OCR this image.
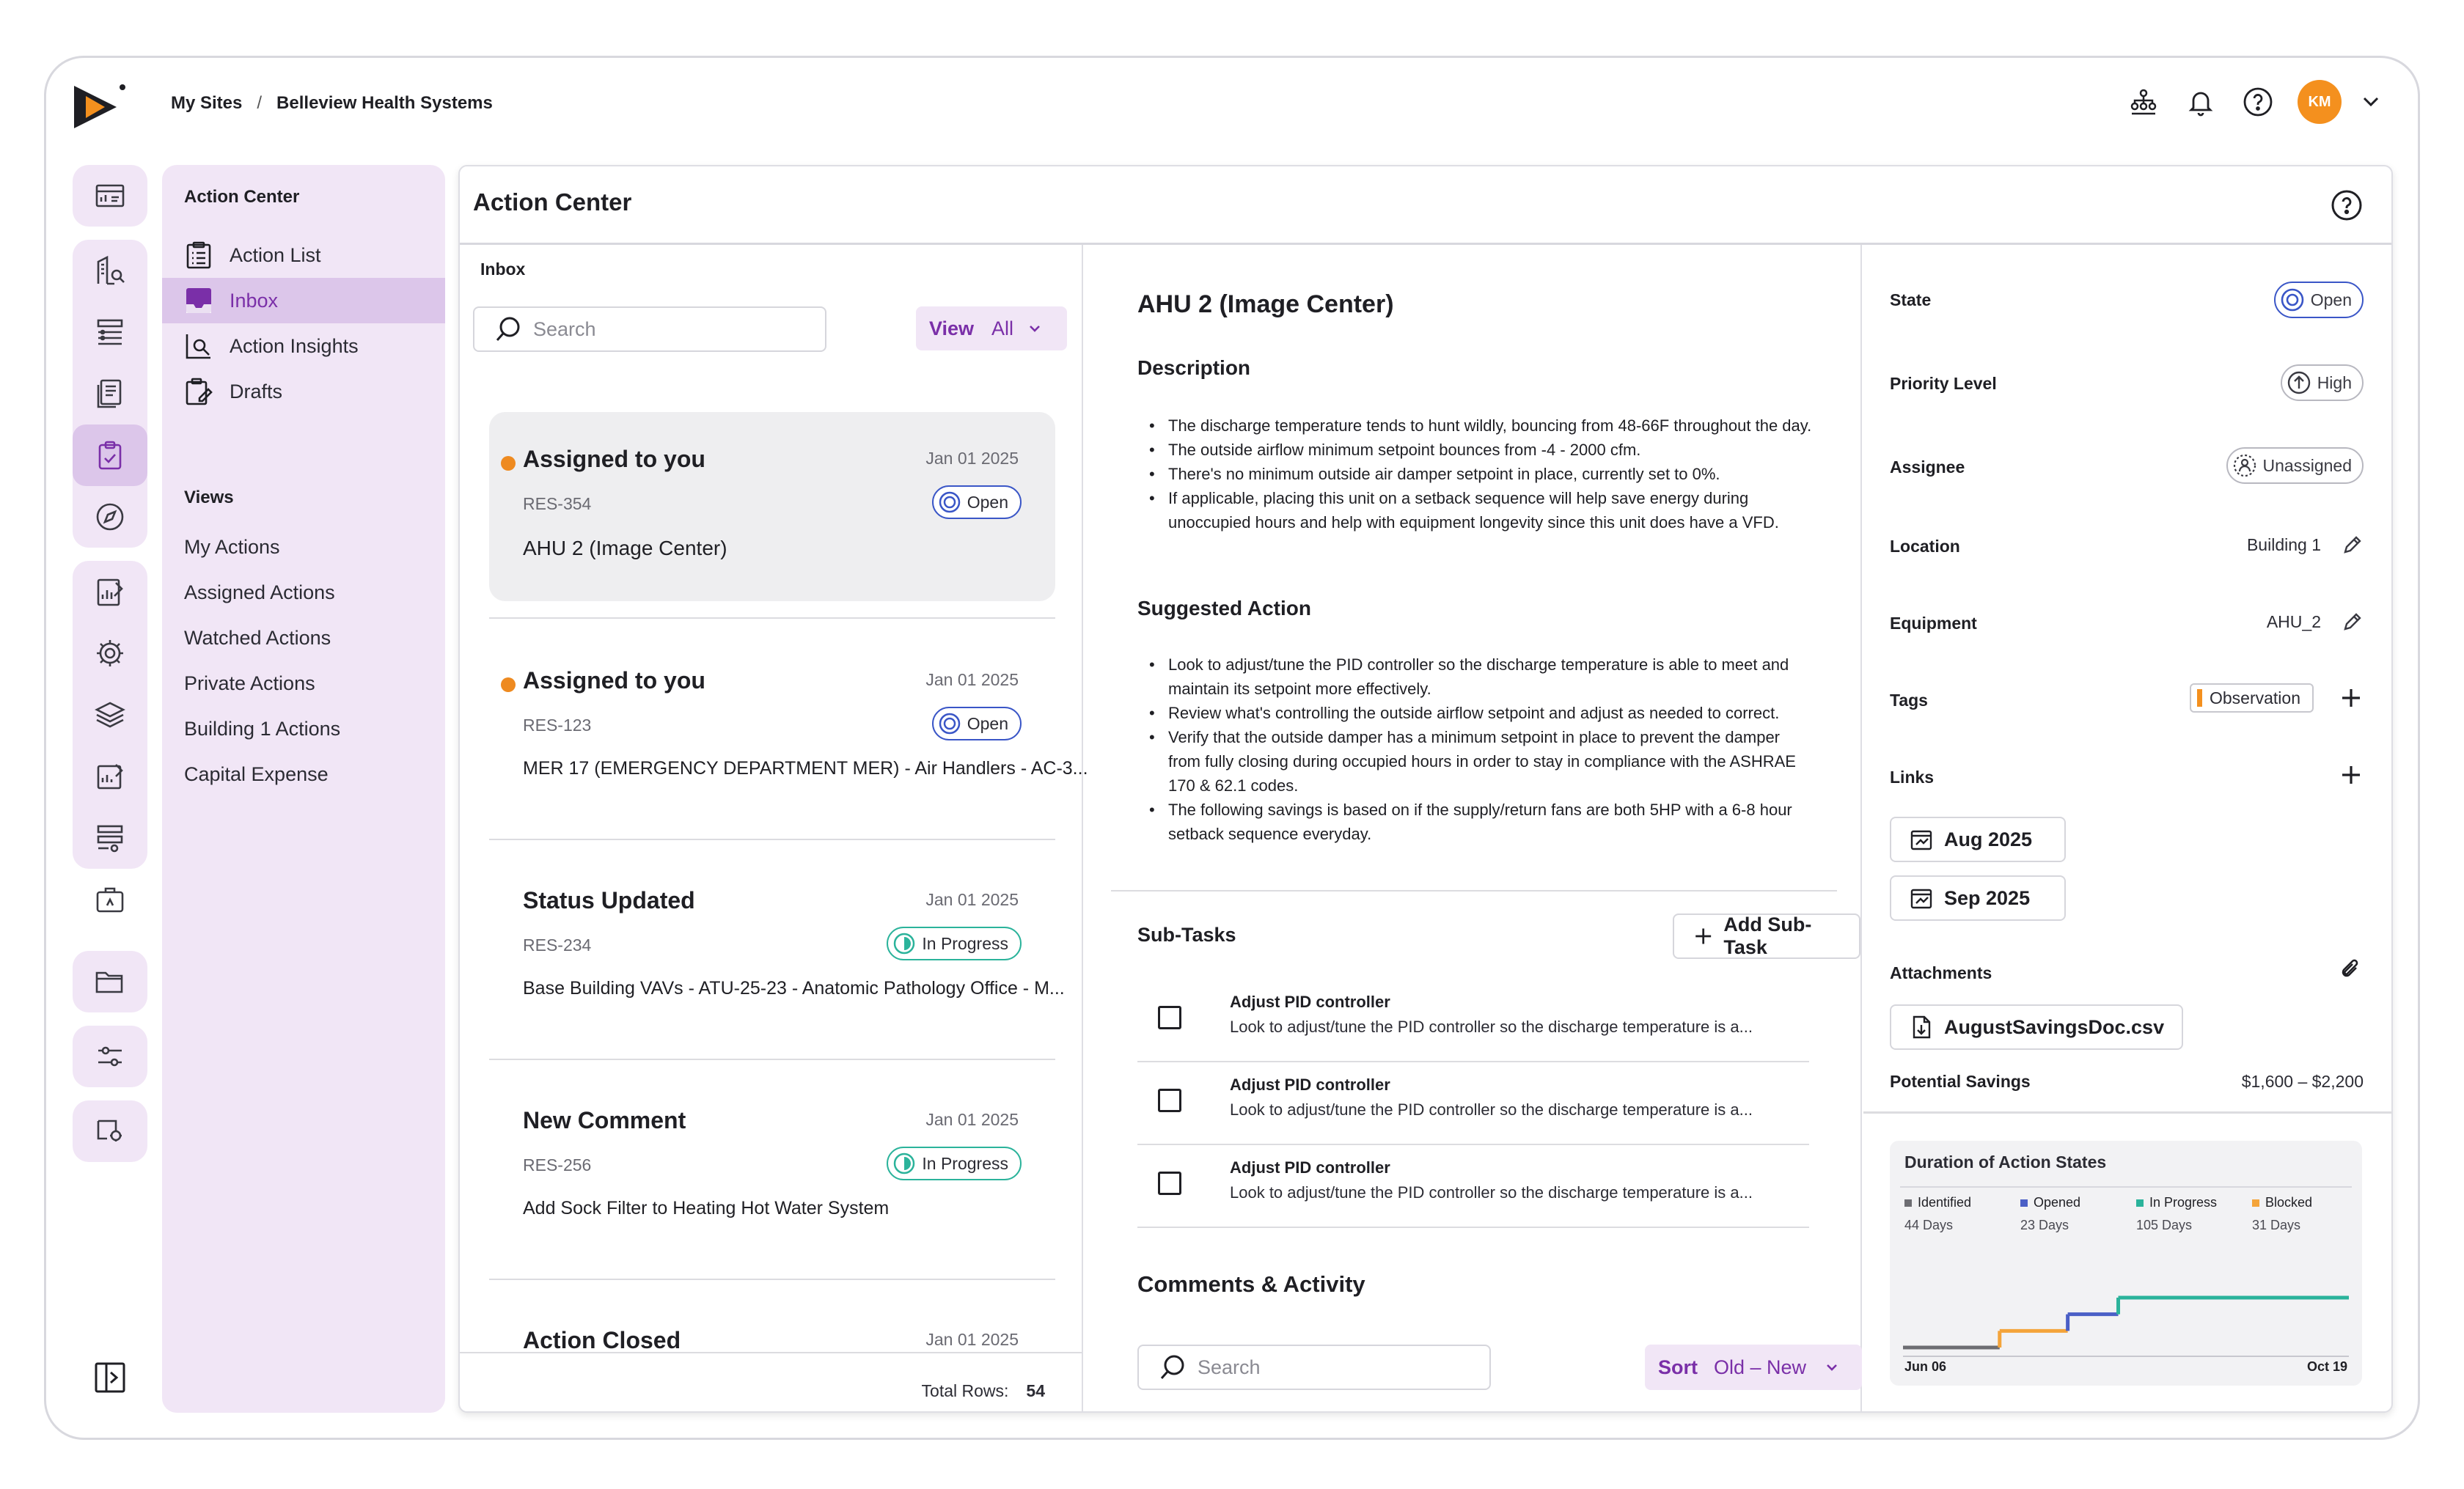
My Sites / Belleview Health Systems	KM
Action Center
Action List
Inbox
Action Insights
Drafts
Views
My Actions
Assigned Actions
Watched Actions
Private Actions
Building 1 Actions
Capital Expense
Action Center
Inbox
Search	View All
Assigned to you	Jan 01 2025
RES-354	Open
AHU 2 (Image Center)
Assigned to you	Jan 01 2025
RES-123	Open
MER 17 (EMERGENCY DEPARTMENT MER) - Air Handlers - AC-3...
Status Updated	Jan 01 2025
RES-234	In Progress
Base Building VAVs - ATU-25-23 - Anatomic Pathology Office - M...
New Comment	Jan 01 2025
RES-256	In Progress
Add Sock Filter to Heating Hot Water System
Action Closed	Jan 01 2025
Total Rows: 54
AHU 2 (Image Center)
Description
• The discharge temperature tends to hunt wildly, bouncing from 48-66F throughout the day.
• The outside airflow minimum setpoint bounces from -4 - 2000 cfm.
• There's no minimum outside air damper setpoint in place, currently set to 0%.
• If applicable, placing this unit on a setback sequence will help save energy during unoccupied hours and help with equipment longevity since this unit does have a VFD.
Suggested Action
• Look to adjust/tune the PID controller so the discharge temperature is able to meet and maintain its setpoint more effectively.
• Review what's controlling the outside airflow setpoint and adjust as needed to correct.
• Verify that the outside damper has a minimum setpoint in place to prevent the damper from fully closing during occupied hours in order to stay in compliance with the ASHRAE 170 & 62.1 codes.
• The following savings is based on if the supply/return fans are both 5HP with a 6-8 hour setback sequence everyday.
Sub-Tasks	Add Sub-Task
Adjust PID controller
Look to adjust/tune the PID controller so the discharge temperature is a...
Adjust PID controller
Look to adjust/tune the PID controller so the discharge temperature is a...
Adjust PID controller
Look to adjust/tune the PID controller so the discharge temperature is a...
Comments & Activity
Search	Sort Old – New
State	Open
Priority Level	High
Assignee	Unassigned
Location	Building 1
Equipment	AHU_2
Tags	Observation
Links
Aug 2025
Sep 2025
Attachments
AugustSavingsDoc.csv
Potential Savings	$1,600 – $2,200
Duration of Action States
Identified
44 Days
Opened
23 Days
In Progress
105 Days
Blocked
31 Days
Jun 06	Oct 19
